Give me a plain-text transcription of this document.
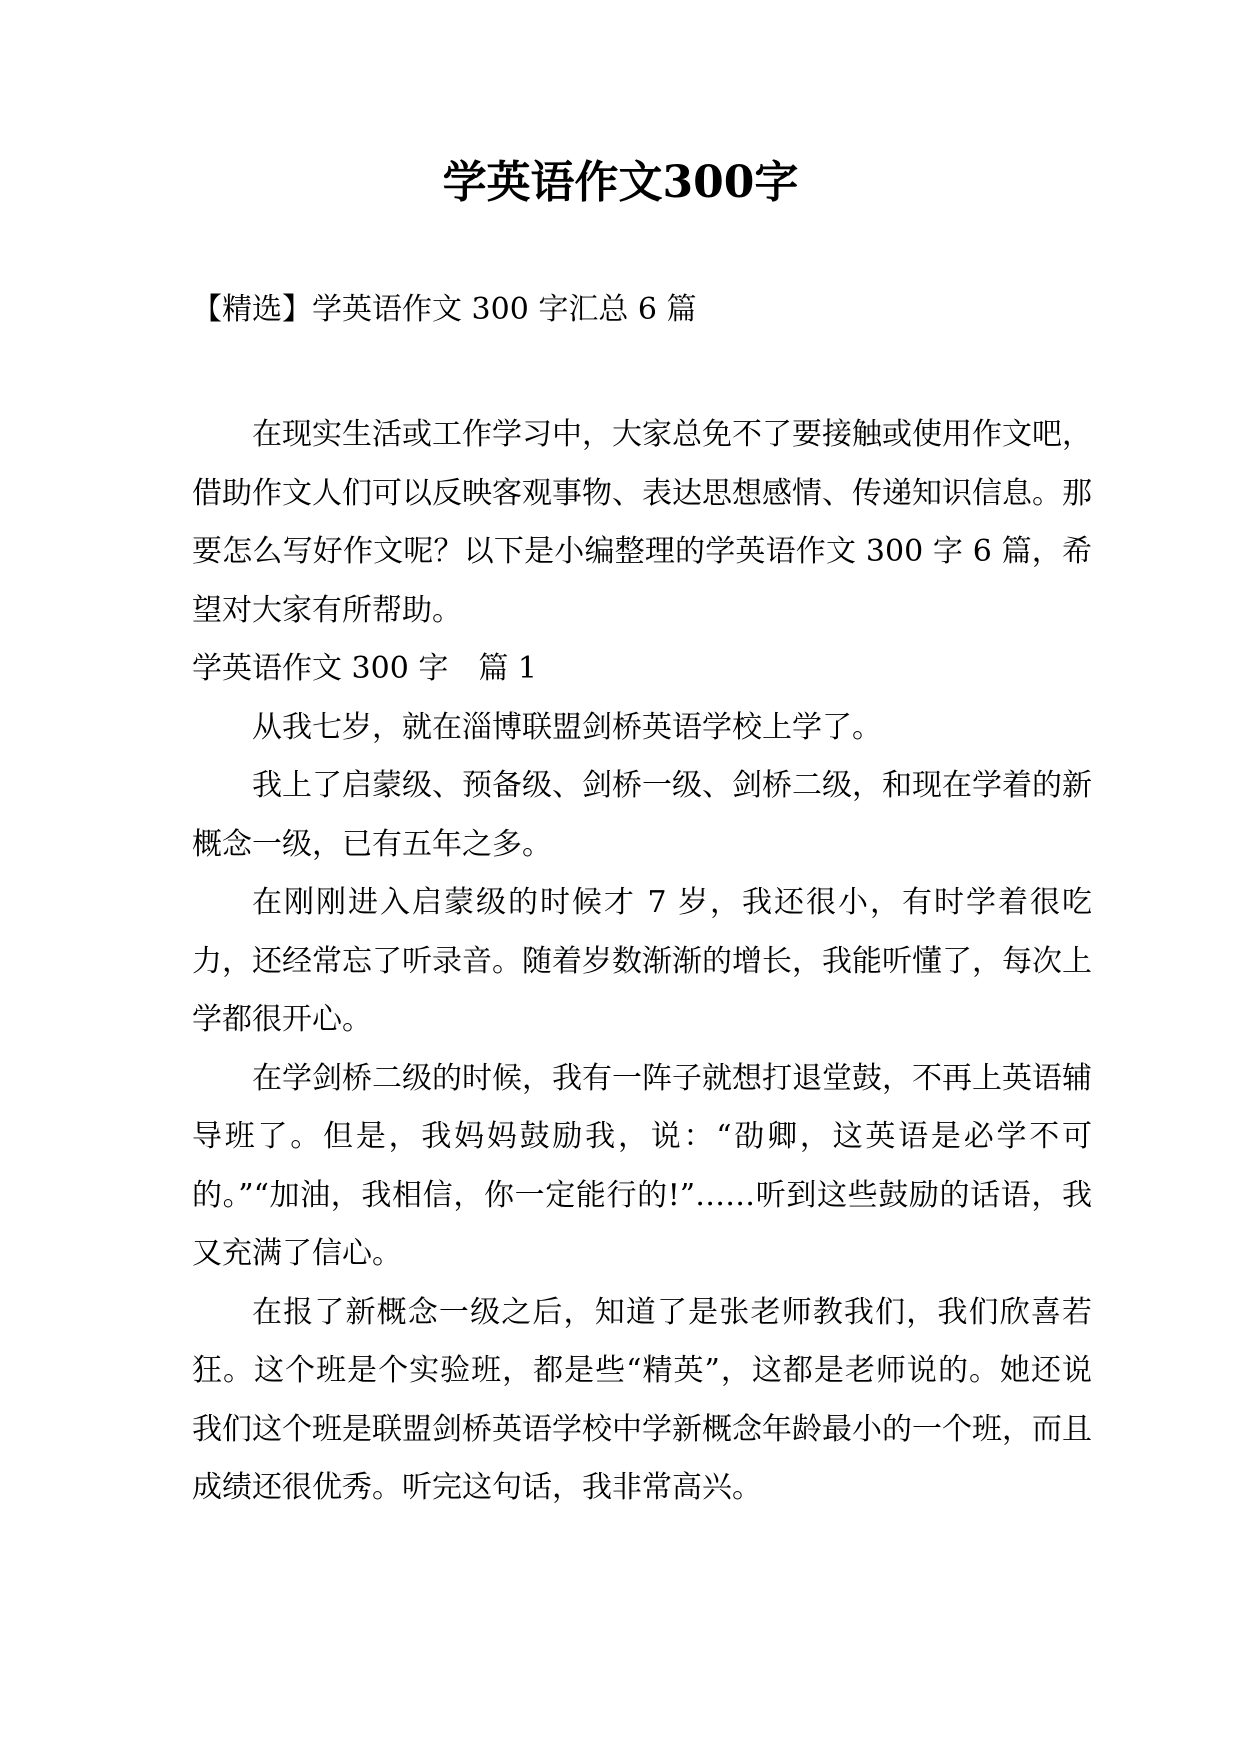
学英语作文300字

【精选】学英语作文 300 字汇总 6 篇

在现实生活或工作学习中，大家总免不了要接触或使用作文吧，借助作文人们可以反映客观事物、表达思想感情、传递知识信息。那要怎么写好作文呢？以下是小编整理的学英语作文 300 字 6 篇，希望对大家有所帮助。

学英语作文 300 字　篇 1

从我七岁，就在淄博联盟剑桥英语学校上学了。

我上了启蒙级、预备级、剑桥一级、剑桥二级，和现在学着的新概念一级，已有五年之多。

在刚刚进入启蒙级的时候才 7 岁，我还很小，有时学着很吃力，还经常忘了听录音。随着岁数渐渐的增长，我能听懂了，每次上学都很开心。

在学剑桥二级的时候，我有一阵子就想打退堂鼓，不再上英语辅导班了。但是，我妈妈鼓励我，说：“劭卿，这英语是必学不可的。”“加油，我相信，你一定能行的!”……听到这些鼓励的话语，我又充满了信心。

在报了新概念一级之后，知道了是张老师教我们，我们欣喜若狂。这个班是个实验班，都是些“精英”，这都是老师说的。她还说我们这个班是联盟剑桥英语学校中学新概念年龄最小的一个班，而且成绩还很优秀。听完这句话，我非常高兴。
